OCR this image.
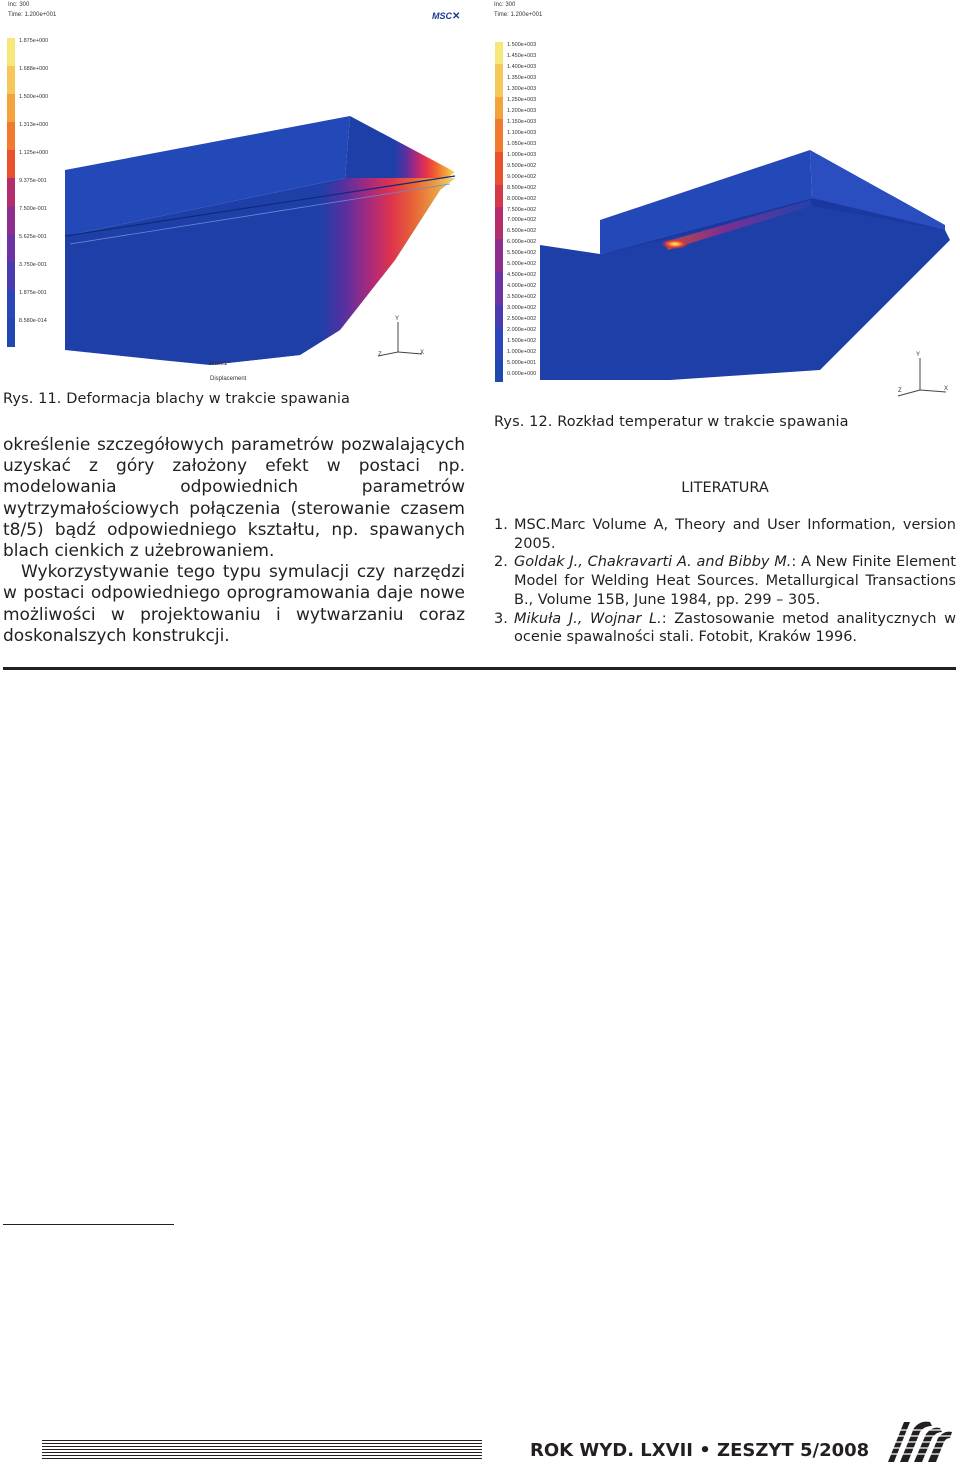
Inc: 300
Time: 1.200e+001	MSC✕
1.875e+000
1.688e+000
1.500e+000
1.313e+000
1.125e+000
9.375e-001
7.500e-001
5.625e-001
3.750e-001
1.875e-001
8.580e-014	Y
X
Z
lcase1
Displacement
Rys. 11. Deformacja blachy w trakcie spawania
Inc: 300
Time: 1.200e+001
1.500e+003
1.450e+003
1.400e+003
1.350e+003
1.300e+003
1.250e+003
1.200e+003
1.150e+003
1.100e+003
1.050e+003
1.000e+003
9.500e+002
9.000e+002
8.500e+002
8.000e+002
7.500e+002
7.000e+002
6.500e+002
6.000e+002
5.500e+002
5.000e+002
4.500e+002
4.000e+002
3.500e+002
3.000e+002
2.500e+002
2.000e+002
1.500e+002
1.000e+002
5.000e+001
0.000e+000
Y
X
Z
Rys. 12. Rozkład temperatur w trakcie spawania

określenie szczegółowych parametrów pozwalających uzyskać z góry założony efekt w postaci np. modelowania odpowiednich parametrów wytrzymałościowych połączenia (sterowanie czasem t8/5) bądź odpowiedniego kształtu, np. spawanych blach cienkich z użebrowaniem.

Wykorzystywanie tego typu symulacji czy narzędzi w postaci odpowiedniego oprogramowania daje nowe możliwości w projektowaniu i wytwarzaniu coraz doskonalszych konstrukcji.

LITERATURA
1. MSC.Marc Volume A, Theory and User Information, version 2005.
2. Goldak J., Chakravarti A. and Bibby M.: A New Finite Element Model for Welding Heat Sources. Metallurgical Transactions B., Volume 15B, June 1984, pp. 299 – 305.
3. Mikuła J., Wojnar L.: Zastosowanie metod analitycznych w ocenie spawalności stali. Fotobit, Kraków 1996.
ROK WYD. LXVII • ZESZYT 5/2008
